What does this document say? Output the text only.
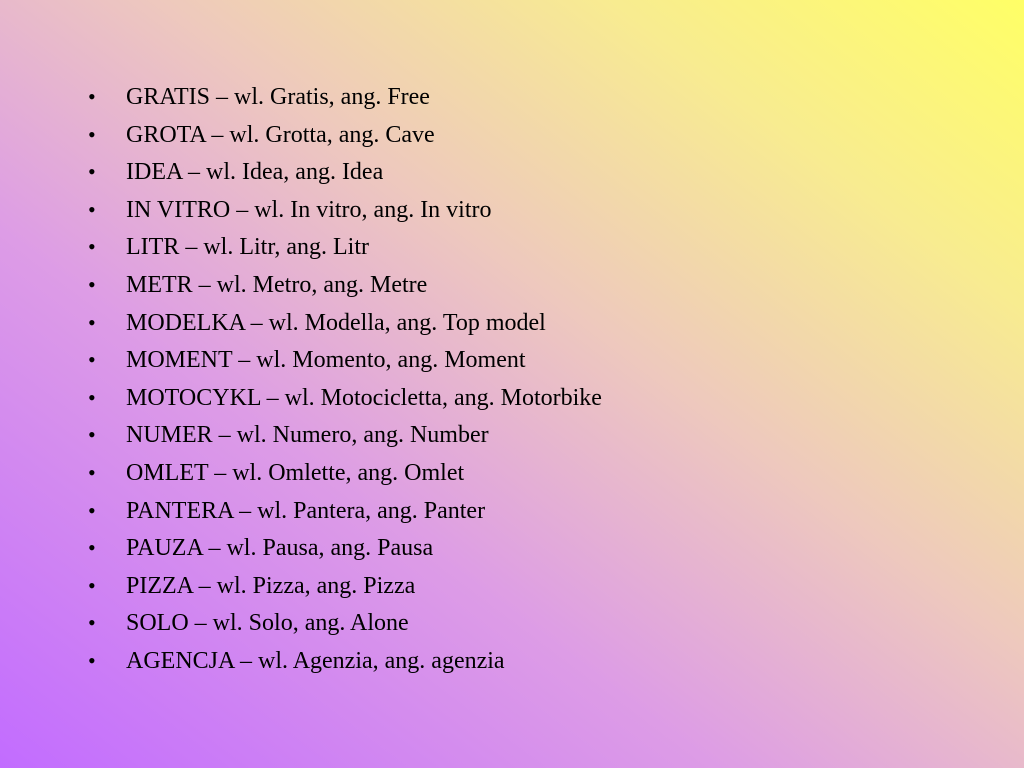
•	GRATIS – wl. Gratis, ang. Free
•	GROTA – wl. Grotta, ang. Cave
•	IDEA – wl. Idea, ang. Idea
•	IN VITRO – wl. In vitro, ang. In vitro
•	LITR – wl. Litr, ang. Litr
•	METR – wl. Metro, ang. Metre
•	MODELKA – wl. Modella, ang. Top model
•	MOMENT – wl. Momento, ang. Moment
•	MOTOCYKL – wl. Motocicletta, ang. Motorbike
•	NUMER – wl. Numero, ang. Number
•	OMLET – wl. Omlette, ang. Omlet
•	PANTERA – wl. Pantera, ang. Panter
•	PAUZA – wl. Pausa, ang. Pausa
•	PIZZA – wl. Pizza, ang. Pizza
•	SOLO – wl. Solo, ang. Alone
•	AGENCJA – wl. Agenzia, ang. agenzia
